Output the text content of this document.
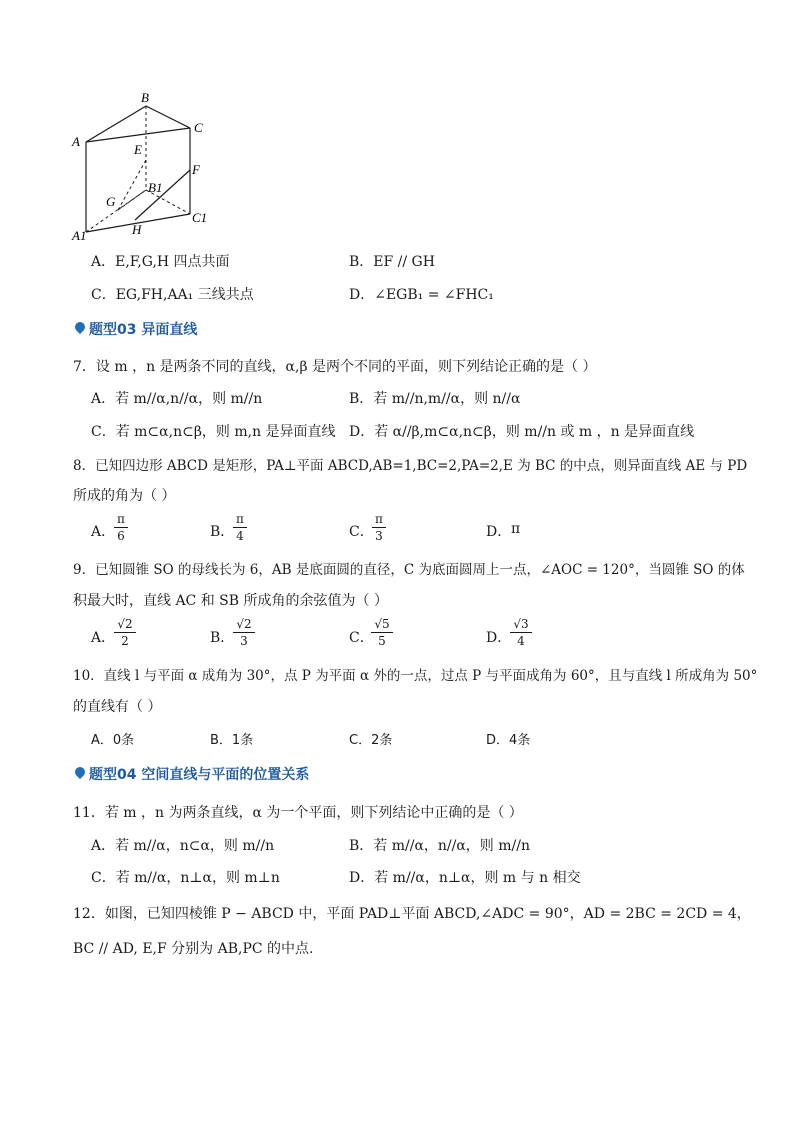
B
C
A
E
F
B1
G
C1
A1	H
A．E,F,G,H 四点共面	B．EF // GH
C．EG,FH,AA₁ 三线共点	D．∠EGB₁ = ∠FHC₁
题型03 异面直线
7．设 m ，n 是两条不同的直线，α,β 是两个不同的平面，则下列结论正确的是（ ）
A．若 m//α,n//α，则 m//n	B．若 m//n,m//α，则 n//α
C．若 m⊂α,n⊂β，则 m,n 是异面直线 D．若 α//β,m⊂α,n⊂β，则 m//n 或 m ，n 是异面直线
8．已知四边形 ABCD 是矩形，PA⊥平面 ABCD,AB=1,BC=2,PA=2,E 为 BC 的中点，则异面直线 AE 与 PD
所成的角为（ ）
A．
π
6	B．
π
4	C．
π
3	D． π
9．已知圆锥 SO 的母线长为 6，AB 是底面圆的直径，C 为底面圆周上一点，∠AOC = 120°，当圆锥 SO 的体
积最大时，直线 AC 和 SB 所成角的余弦值为（ ）
A．
√2
2	B．
√2
3	C．
√5
5	D．
√3
4
10．直线 l 与平面 α 成角为 30°，点 P 为平面 α 外的一点，过点 P 与平面成角为 60°，且与直线 l 所成角为 50°
的直线有（ ）
A．0条	B．1条	C．2条	D．4条
题型04 空间直线与平面的位置关系
11．若 m ，n 为两条直线，α 为一个平面，则下列结论中正确的是（ ）
A．若 m//α，n⊂α，则 m//n	B．若 m//α，n//α，则 m//n
C．若 m//α，n⊥α，则 m⊥n	D．若 m//α，n⊥α，则 m 与 n 相交
12．如图，已知四棱锥 P − ABCD 中，平面 PAD⊥平面 ABCD,∠ADC = 90°，AD = 2BC = 2CD = 4，
BC // AD, E,F 分别为 AB,PC 的中点.
